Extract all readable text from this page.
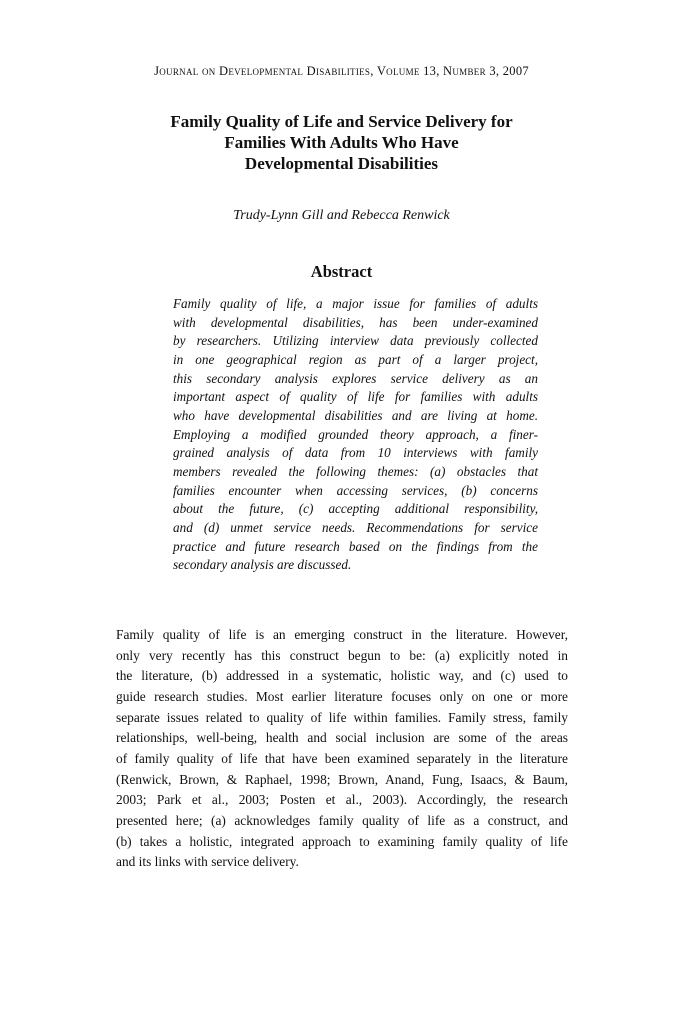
Journal on Developmental Disabilities, Volume 13, Number 3, 2007
Family Quality of Life and Service Delivery for
Families With Adults Who Have
Developmental Disabilities
Trudy-Lynn Gill and Rebecca Renwick
Abstract

Family quality of life, a major issue for families of adults
with developmental disabilities, has been under-examined
by researchers. Utilizing interview data previously collected
in one geographical region as part of a larger project,
this secondary analysis explores service delivery as an
important aspect of quality of life for families with adults
who have developmental disabilities and are living at home.
Employing a modified grounded theory approach, a finer-
grained analysis of data from 10 interviews with family
members revealed the following themes: (a) obstacles that
families encounter when accessing services, (b) concerns
about the future, (c) accepting additional responsibility,
and (d) unmet service needs. Recommendations for service
practice and future research based on the findings from the
secondary analysis are discussed.

Family quality of life is an emerging construct in the literature. However,
only very recently has this construct begun to be: (a) explicitly noted in
the literature, (b) addressed in a systematic, holistic way, and (c) used to
guide research studies. Most earlier literature focuses only on one or more
separate issues related to quality of life within families. Family stress, family
relationships, well-being, health and social inclusion are some of the areas
of family quality of life that have been examined separately in the literature
(Renwick, Brown, & Raphael, 1998; Brown, Anand, Fung, Isaacs, & Baum,
2003; Park et al., 2003; Posten et al., 2003). Accordingly, the research
presented here; (a) acknowledges family quality of life as a construct, and
(b) takes a holistic, integrated approach to examining family quality of life
and its links with service delivery.
